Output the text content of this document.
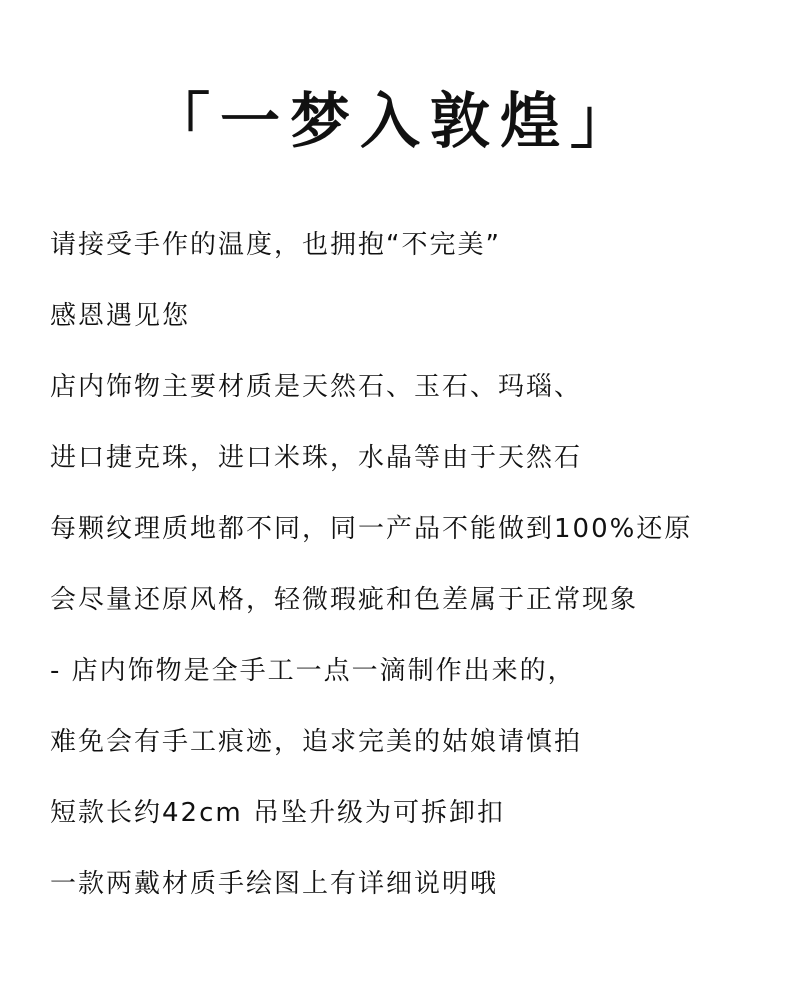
「一梦入敦煌」
请接受手作的温度，也拥抱“不完美”
感恩遇见您
店内饰物主要材质是天然石、玉石、玛瑙、
进口捷克珠，进口米珠，水晶等由于天然石
每颗纹理质地都不同，同一产品不能做到100%还原
会尽量还原风格，轻微瑕疵和色差属于正常现象
- 店内饰物是全手工一点一滴制作出来的，
难免会有手工痕迹，追求完美的姑娘请慎拍
短款长约42cm 吊坠升级为可拆卸扣
一款两戴材质手绘图上有详细说明哦
